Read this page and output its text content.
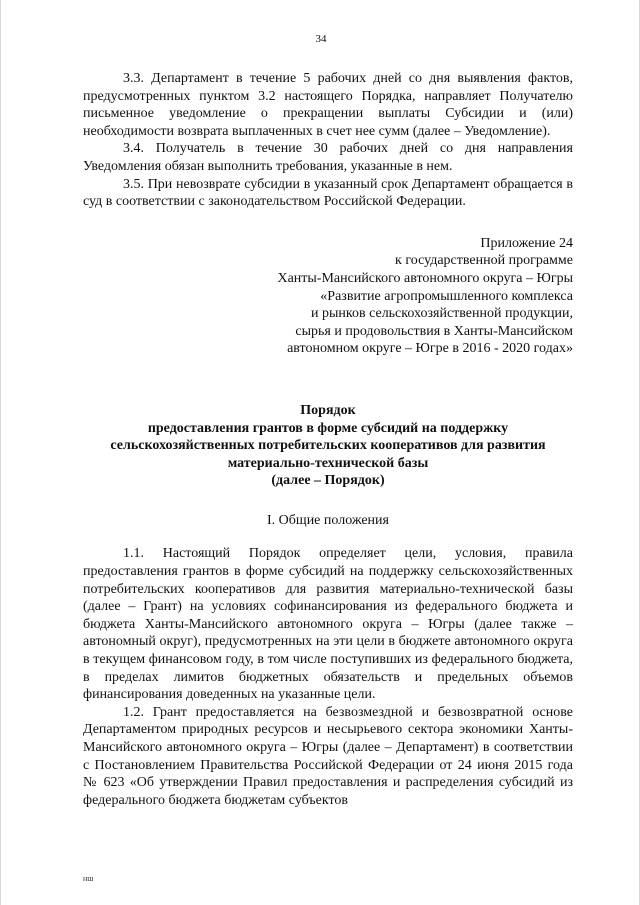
34

3.3. Департамент в течение 5 рабочих дней со дня выявления фактов, предусмотренных пунктом 3.2 настоящего Порядка, направляет Получателю письменное уведомление о прекращении выплаты Субсидии и (или) необходимости возврата выплаченных в счет нее сумм (далее – Уведомление).

3.4. Получатель в течение 30 рабочих дней со дня направления Уведомления обязан выполнить требования, указанные в нем.

3.5. При невозврате субсидии в указанный срок Департамент обращается в суд в соответствии с законодательством Российской Федерации.

Приложение 24
к государственной программе
Ханты-Мансийского автономного округа – Югры
«Развитие агропромышленного комплекса
и рынков сельскохозяйственной продукции,
сырья и продовольствия в Ханты-Мансийском
автономном округе – Югре в 2016 - 2020 годах»
Порядок
предоставления грантов в форме субсидий на поддержку
сельскохозяйственных потребительских кооперативов для развития
материально-технической базы
(далее – Порядок)
I. Общие положения

1.1. Настоящий Порядок определяет цели, условия, правила предоставления грантов в форме субсидий на поддержку сельскохозяйственных потребительских кооперативов для развития материально-технической базы (далее – Грант) на условиях софинансирования из федерального бюджета и бюджета Ханты-Мансийского автономного округа – Югры (далее также – автономный округ), предусмотренных на эти цели в бюджете автономного округа в текущем финансовом году, в том числе поступивших из федерального бюджета, в пределах лимитов бюджетных обязательств и предельных объемов финансирования доведенных на указанные цели.

1.2. Грант предоставляется на безвозмездной и безвозвратной основе Департаментом природных ресурсов и несырьевого сектора экономики Ханты-Мансийского автономного округа – Югры (далее – Департамент) в соответствии с Постановлением Правительства Российской Федерации от 24 июня 2015 года № 623 «Об утверждении Правил предоставления и распределения субсидий из федерального бюджета бюджетам субъектов

нш
